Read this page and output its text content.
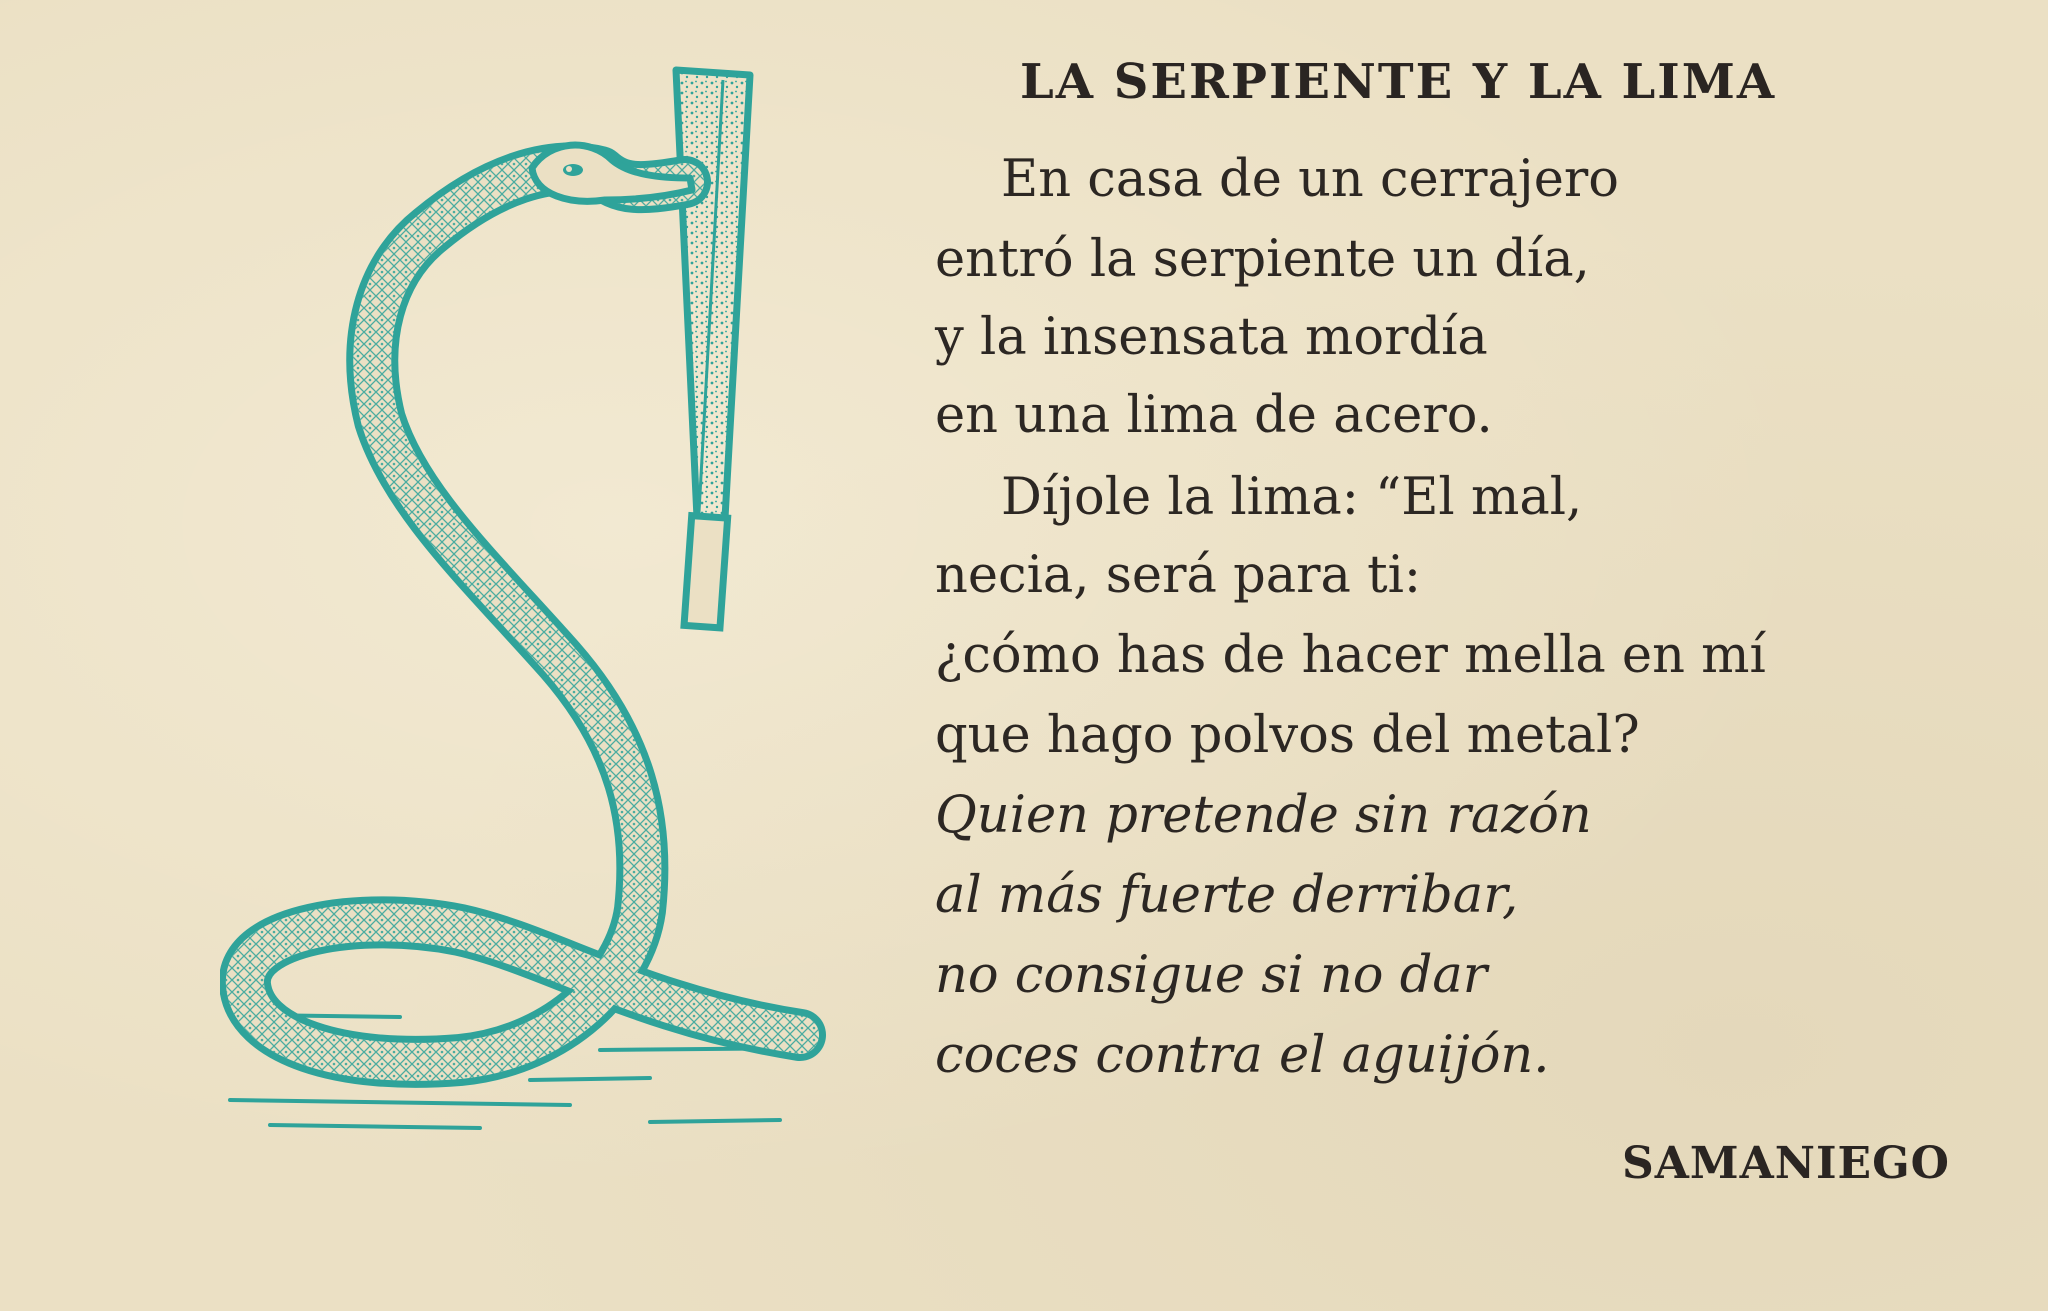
LA SERPIENTE Y LA LIMA
En casa de un cerrajero
entró la serpiente un día,
y la insensata mordía
en una lima de acero.
Díjole la lima: “El mal,
necia, será para ti:
¿cómo has de hacer mella en mí
que hago polvos del metal?
Quien pretende sin razón
al más fuerte derribar,
no consigue si no dar
coces contra el aguijón.
SAMANIEGO
